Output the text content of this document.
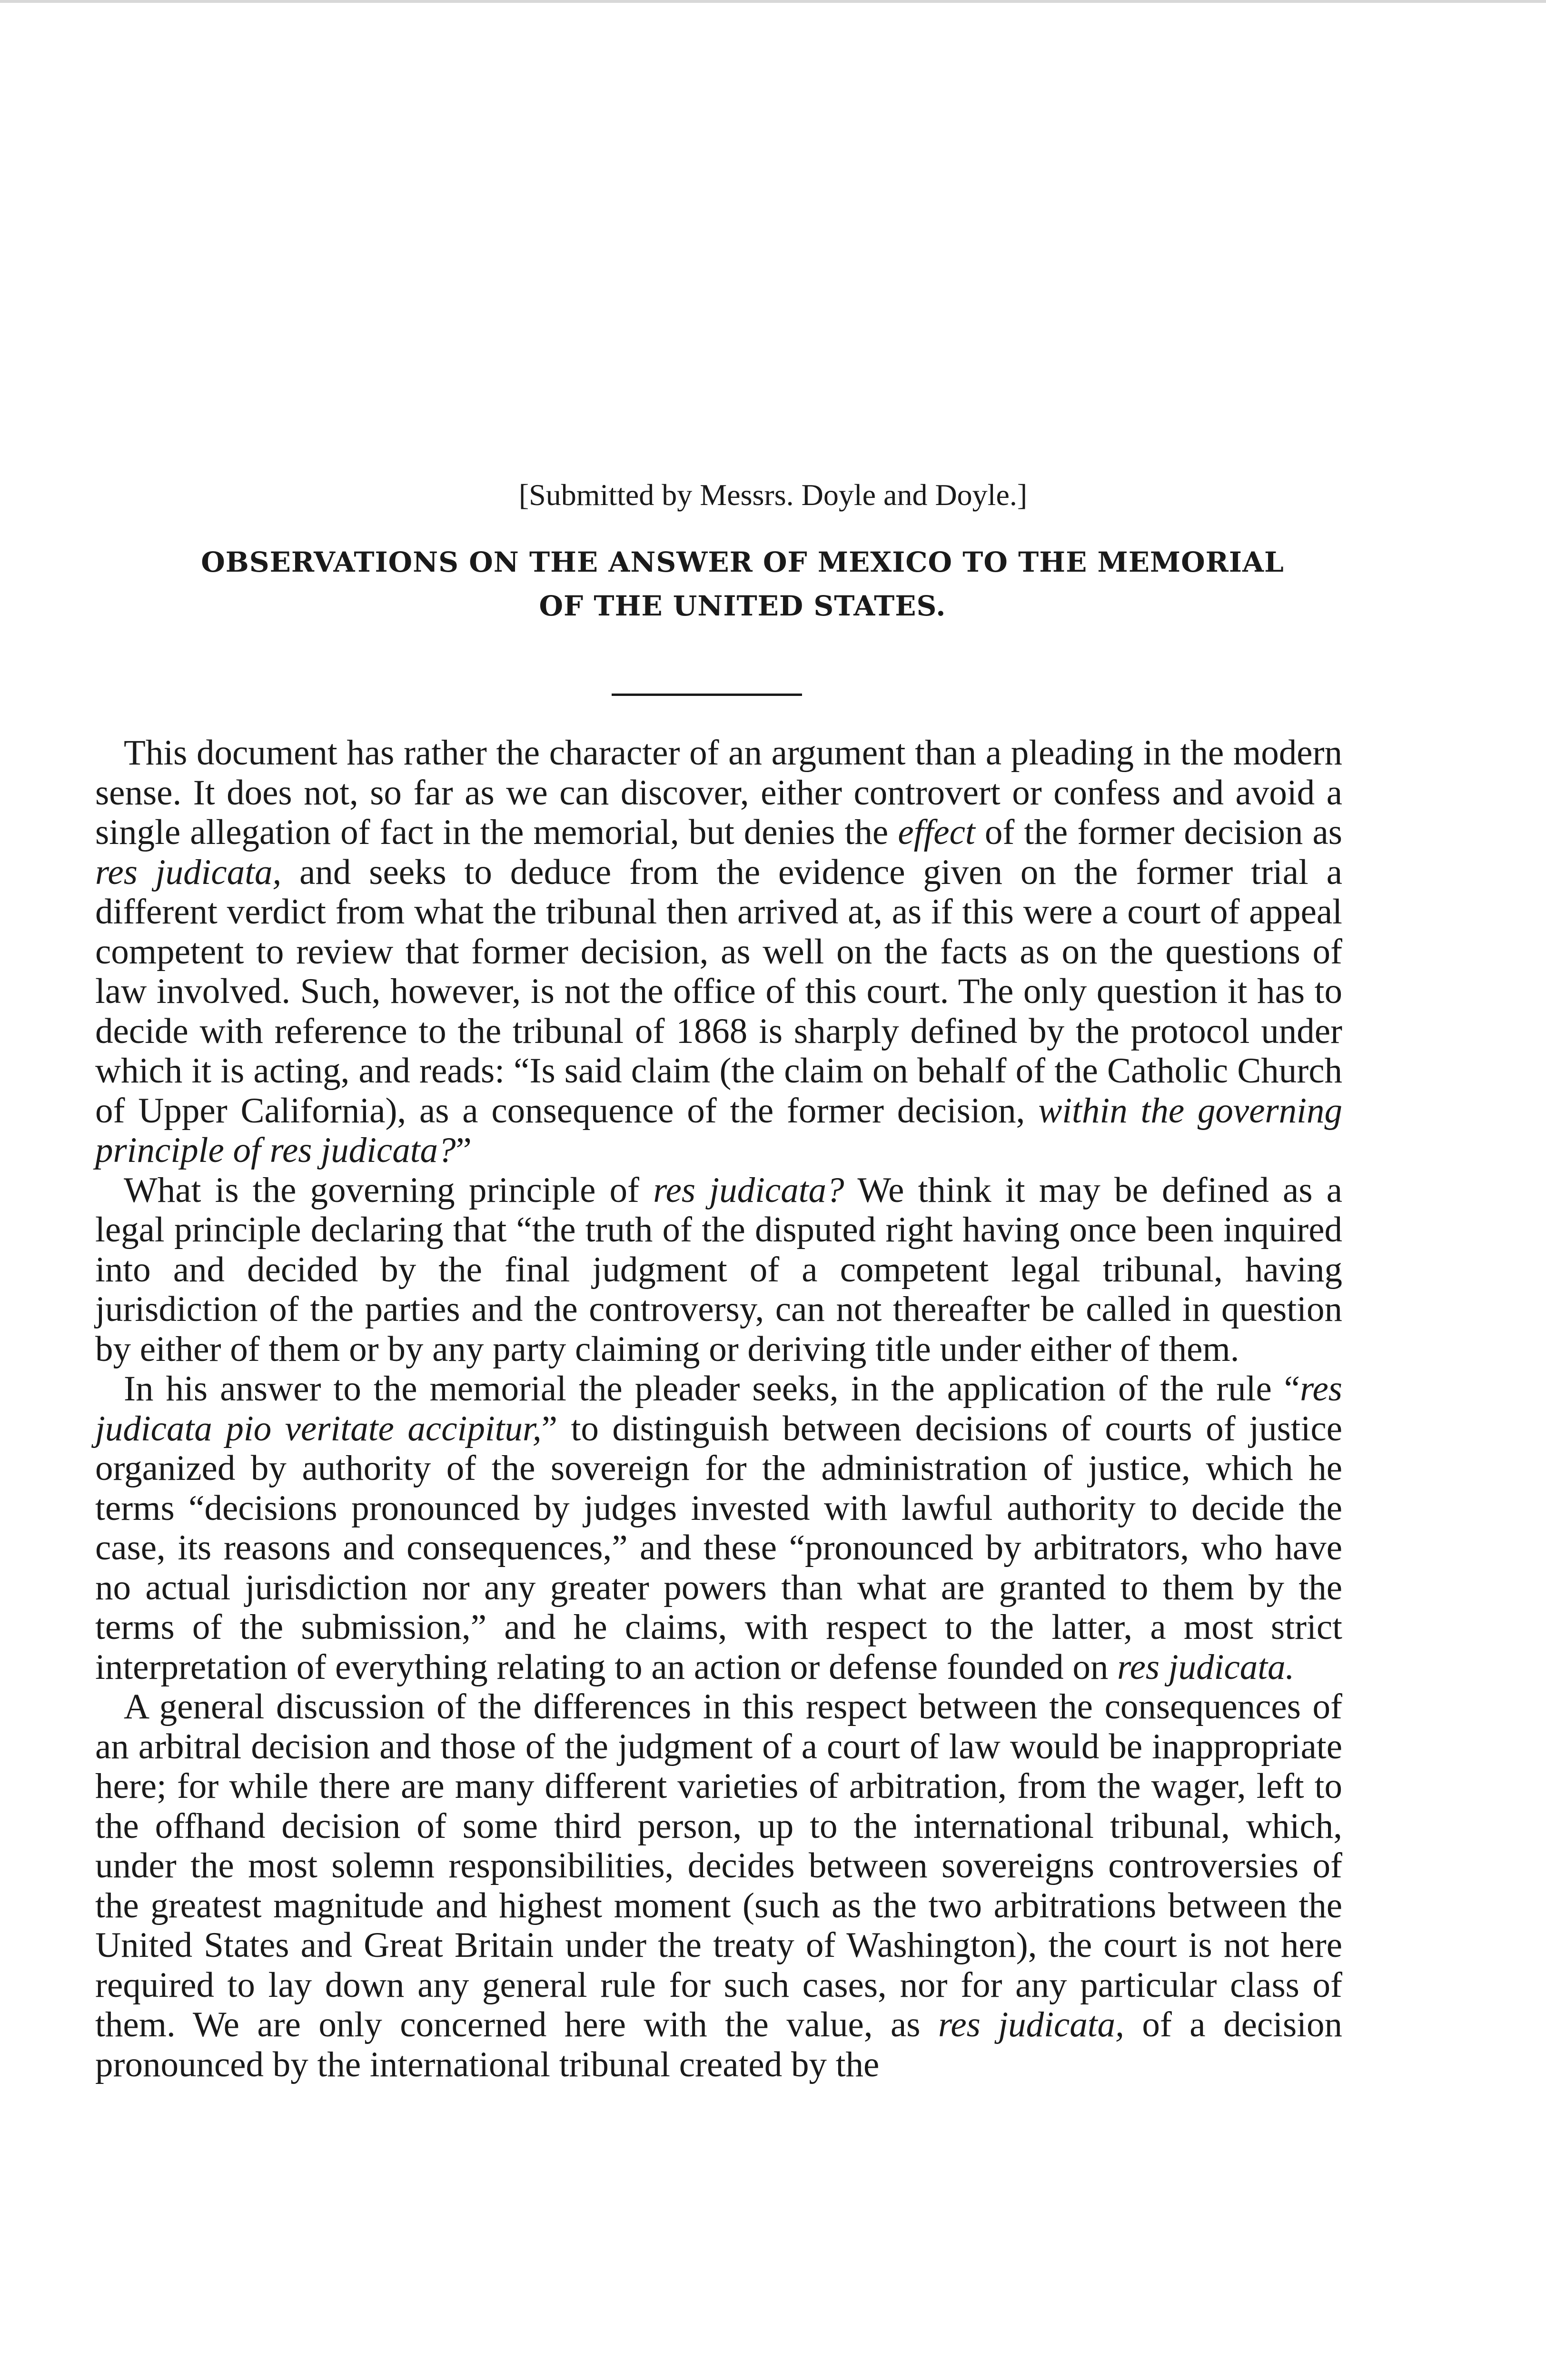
[Submitted by Messrs. Doyle and Doyle.]
OBSERVATIONS ON THE ANSWER OF MEXICO TO THE MEMORIAL
OF THE UNITED STATES.

This document has rather the character of an argument than a pleading in the modern sense. It does not, so far as we can discover, either controvert or confess and avoid a single allegation of fact in the memorial, but denies the effect of the former decision as res judicata, and seeks to deduce from the evidence given on the former trial a different verdict from what the tribunal then arrived at, as if this were a court of appeal competent to review that former decision, as well on the facts as on the questions of law involved. Such, however, is not the office of this court. The only question it has to decide with reference to the tribunal of 1868 is sharply defined by the protocol under which it is acting, and reads: “Is said claim (the claim on behalf of the Catholic Church of Upper California), as a consequence of the former decision, within the governing principle of res judicata?”

What is the governing principle of res judicata? We think it may be defined as a legal principle declaring that “the truth of the disputed right having once been inquired into and decided by the final judgment of a competent legal tribunal, having jurisdiction of the parties and the controversy, can not thereafter be called in question by either of them or by any party claiming or deriving title under either of them.

In his answer to the memorial the pleader seeks, in the application of the rule “res judicata pio veritate accipitur,” to distinguish between decisions of courts of justice organized by authority of the sovereign for the administration of justice, which he terms “decisions pronounced by judges invested with lawful authority to decide the case, its reasons and consequences,” and these “pronounced by arbitrators, who have no actual jurisdiction nor any greater powers than what are granted to them by the terms of the submission,” and he claims, with respect to the latter, a most strict interpretation of everything relating to an action or defense founded on res judicata.

A general discussion of the differences in this respect between the consequences of an arbitral decision and those of the judgment of a court of law would be inappropriate here; for while there are many different varieties of arbitration, from the wager, left to the offhand decision of some third person, up to the international tribunal, which, under the most solemn responsibilities, decides between sovereigns controversies of the greatest magnitude and highest moment (such as the two arbitrations between the United States and Great Britain under the treaty of Washington), the court is not here required to lay down any general rule for such cases, nor for any particular class of them. We are only concerned here with the value, as res judicata, of a decision pronounced by the international tribunal created by the
